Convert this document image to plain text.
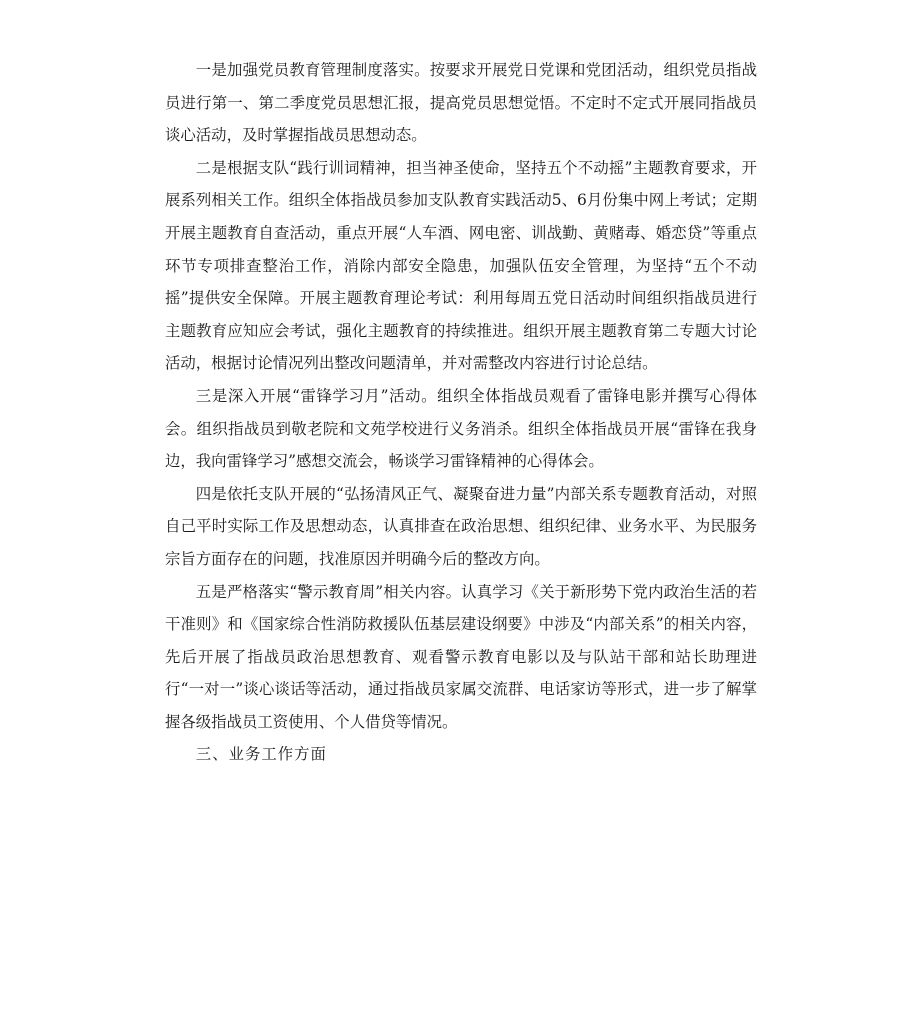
一是加强党员教育管理制度落实。按要求开展党日党课和党团活动，组织党员指战员进行第一、第二季度党员思想汇报，提高党员思想觉悟。不定时不定式开展同指战员谈心活动，及时掌握指战员思想动态。

二是根据支队“践行训词精神，担当神圣使命，坚持五个不动摇”主题教育要求，开展系列相关工作。组织全体指战员参加支队教育实践活动5、6月份集中网上考试；定期开展主题教育自查活动，重点开展“人车酒、网电密、训战勤、黄赌毒、婚恋贷”等重点环节专项排查整治工作，消除内部安全隐患，加强队伍安全管理，为坚持“五个不动摇”提供安全保障。开展主题教育理论考试：利用每周五党日活动时间组织指战员进行主题教育应知应会考试，强化主题教育的持续推进。组织开展主题教育第二专题大讨论活动，根据讨论情况列出整改问题清单，并对需整改内容进行讨论总结。

三是深入开展“雷锋学习月”活动。组织全体指战员观看了雷锋电影并撰写心得体会。组织指战员到敬老院和文苑学校进行义务消杀。组织全体指战员开展“雷锋在我身边，我向雷锋学习”感想交流会，畅谈学习雷锋精神的心得体会。

四是依托支队开展的“弘扬清风正气、凝聚奋进力量”内部关系专题教育活动，对照自己平时实际工作及思想动态，认真排查在政治思想、组织纪律、业务水平、为民服务宗旨方面存在的问题，找准原因并明确今后的整改方向。

五是严格落实“警示教育周”相关内容。认真学习《关于新形势下党内政治生活的若干准则》和《国家综合性消防救援队伍基层建设纲要》中涉及“内部关系”的相关内容，先后开展了指战员政治思想教育、观看警示教育电影以及与队站干部和站长助理进行“一对一”谈心谈话等活动，通过指战员家属交流群、电话家访等形式，进一步了解掌握各级指战员工资使用、个人借贷等情况。

三、业务工作方面
